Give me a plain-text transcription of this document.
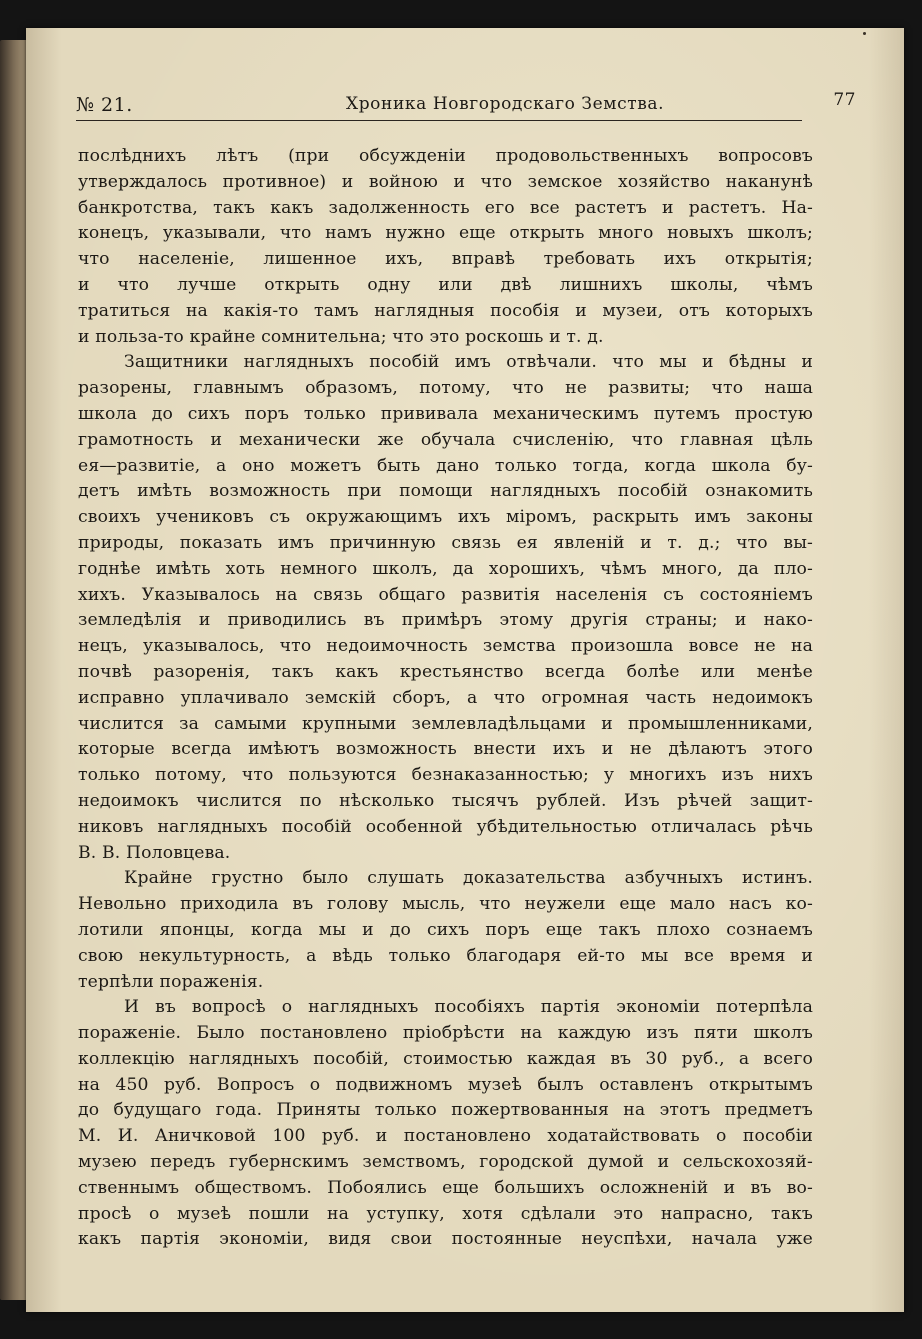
№ 21.	Хроника Новгородскаго Земства.	77

послѣднихъ лѣтъ (при обсужденіи продовольственныхъ вопросовъ

утверждалось противное) и войною и что земское хозяйство наканунѣ

банкротства, такъ какъ задолженность его все растетъ и растетъ. На-

конецъ, указывали, что намъ нужно еще открыть много новыхъ школъ;

что населеніе, лишенное ихъ, вправѣ требовать ихъ открытія;

и что лучше открыть одну или двѣ лишнихъ школы, чѣмъ

тратиться на какія-то тамъ наглядныя пособія и музеи, отъ которыхъ

и польза-то крайне сомнительна; что это роскошь и т. д.

Защитники наглядныхъ пособій имъ отвѣчали. что мы и бѣдны и

разорены, главнымъ образомъ, потому, что не развиты; что наша

школа до сихъ поръ только прививала механическимъ путемъ простую

грамотность и механически же обучала счисленію, что главная цѣль

ея—развитіе, а оно можетъ быть дано только тогда, когда школа бу-

детъ имѣть возможность при помощи наглядныхъ пособій ознакомить

своихъ учениковъ съ окружающимъ ихъ міромъ, раскрыть имъ законы

природы, показать имъ причинную связь ея явленій и т. д.; что вы-

годнѣе имѣть хоть немного школъ, да хорошихъ, чѣмъ много, да пло-

хихъ. Указывалось на связь общаго развитія населенія съ состояніемъ

земледѣлія и приводились въ примѣръ этому другія страны; и нако-

нецъ, указывалось, что недоимочность земства произошла вовсе не на

почвѣ разоренія, такъ какъ крестьянство всегда болѣе или менѣе

исправно уплачивало земскій сборъ, а что огромная часть недоимокъ

числится за самыми крупными землевладѣльцами и промышленниками,

которые всегда имѣютъ возможность внести ихъ и не дѣлаютъ этого

только потому, что пользуются безнаказанностью; у многихъ изъ нихъ

недоимокъ числится по нѣсколько тысячъ рублей. Изъ рѣчей защит-

никовъ наглядныхъ пособій особенной убѣдительностью отличалась рѣчь

В. В. Половцева.

Крайне грустно было слушать доказательства азбучныхъ истинъ.

Невольно приходила въ голову мысль, что неужели еще мало насъ ко-

лотили японцы, когда мы и до сихъ поръ еще такъ плохо сознаемъ

свою некультурность, а вѣдь только благодаря ей-то мы все время и

терпѣли пораженія.

И въ вопросѣ о наглядныхъ пособіяхъ партія экономіи потерпѣла

пораженіе. Было постановлено пріобрѣсти на каждую изъ пяти школъ

коллекцію наглядныхъ пособій, стоимостью каждая въ 30 руб., а всего

на 450 руб. Вопросъ о подвижномъ музеѣ былъ оставленъ открытымъ

до будущаго года. Приняты только пожертвованныя на этотъ предметъ

М. И. Аничковой 100 руб. и постановлено ходатайствовать о пособіи

музею передъ губернскимъ земствомъ, городской думой и сельскохозяй-

ственнымъ обществомъ. Побоялись еще большихъ осложненій и въ во-

просѣ о музеѣ пошли на уступку, хотя сдѣлали это напрасно, такъ

какъ партія экономіи, видя свои постоянные неуспѣхи, начала уже
